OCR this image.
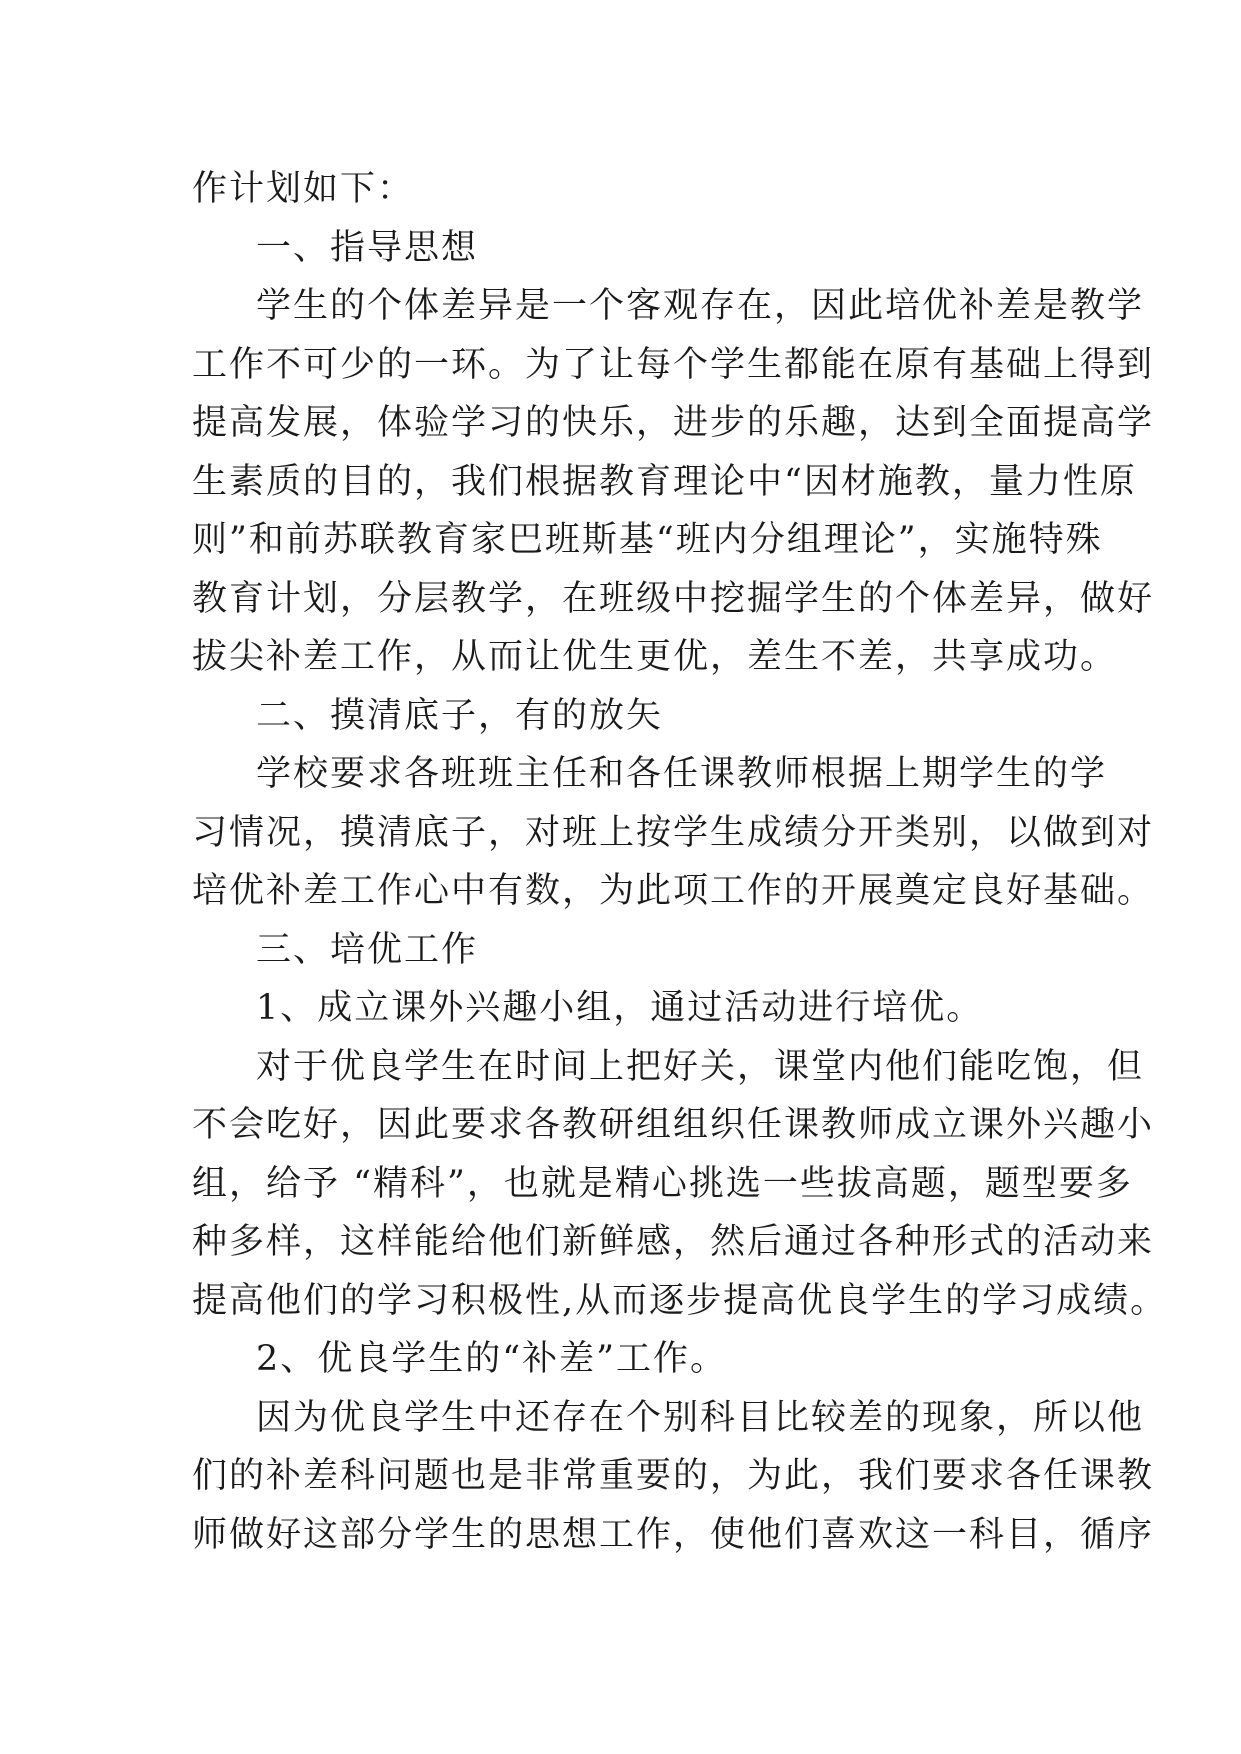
作计划如下：
一、指导思想
学生的个体差异是一个客观存在，因此培优补差是教学
工作不可少的一环。为了让每个学生都能在原有基础上得到
提高发展，体验学习的快乐，进步的乐趣，达到全面提高学
生素质的目的，我们根据教育理论中“因材施教，量力性原
则”和前苏联教育家巴班斯基“班内分组理论”，实施特殊
教育计划，分层教学，在班级中挖掘学生的个体差异，做好
拔尖补差工作，从而让优生更优，差生不差，共享成功。
二、摸清底子，有的放矢
学校要求各班班主任和各任课教师根据上期学生的学
习情况，摸清底子，对班上按学生成绩分开类别，以做到对
培优补差工作心中有数，为此项工作的开展奠定良好基础。
三、培优工作
1、成立课外兴趣小组，通过活动进行培优。
对于优良学生在时间上把好关，课堂内他们能吃饱，但
不会吃好，因此要求各教研组组织任课教师成立课外兴趣小
组，给予 “精科”，也就是精心挑选一些拔高题，题型要多
种多样，这样能给他们新鲜感，然后通过各种形式的活动来
提高他们的学习积极性,从而逐步提高优良学生的学习成绩。
2、优良学生的“补差”工作。
因为优良学生中还存在个别科目比较差的现象，所以他
们的补差科问题也是非常重要的，为此，我们要求各任课教
师做好这部分学生的思想工作，使他们喜欢这一科目，循序
